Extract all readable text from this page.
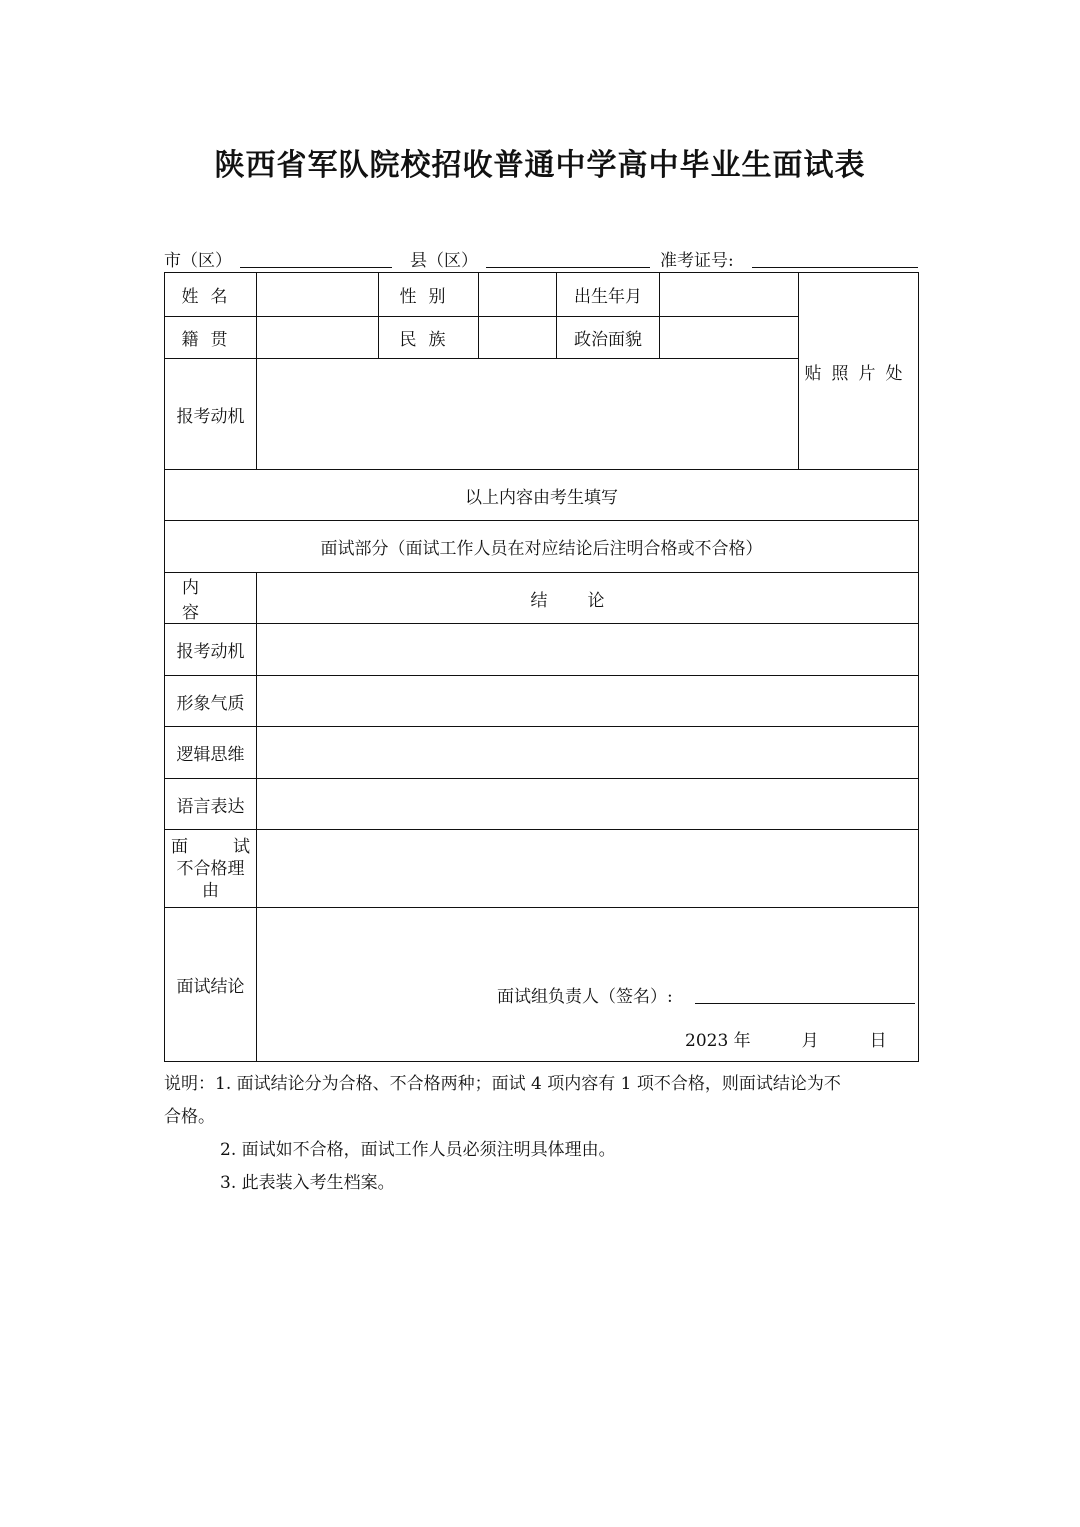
陕西省军队院校招收普通中学高中毕业生面试表
市（区）	县（区）	准考证号:
姓名		性别		出生年月		贴照片处
籍贯		民族		政治面貌		
报考动机						
以上内容由考生填写						
面试部分（面试工作人员在对应结论后注明合格或不合格）						
内容	结论					
报考动机						
形象气质						
逻辑思维						
语言表达						

面 试
不合格理
由						

面试结论	面试组负责人（签名）:
2023 年　　　月　　　日					
说明：1. 面试结论分为合格、不合格两种；面试 4 项内容有 1 项不合格，则面试结论为不
合格。
2. 面试如不合格，面试工作人员必须注明具体理由。
3. 此表装入考生档案。
